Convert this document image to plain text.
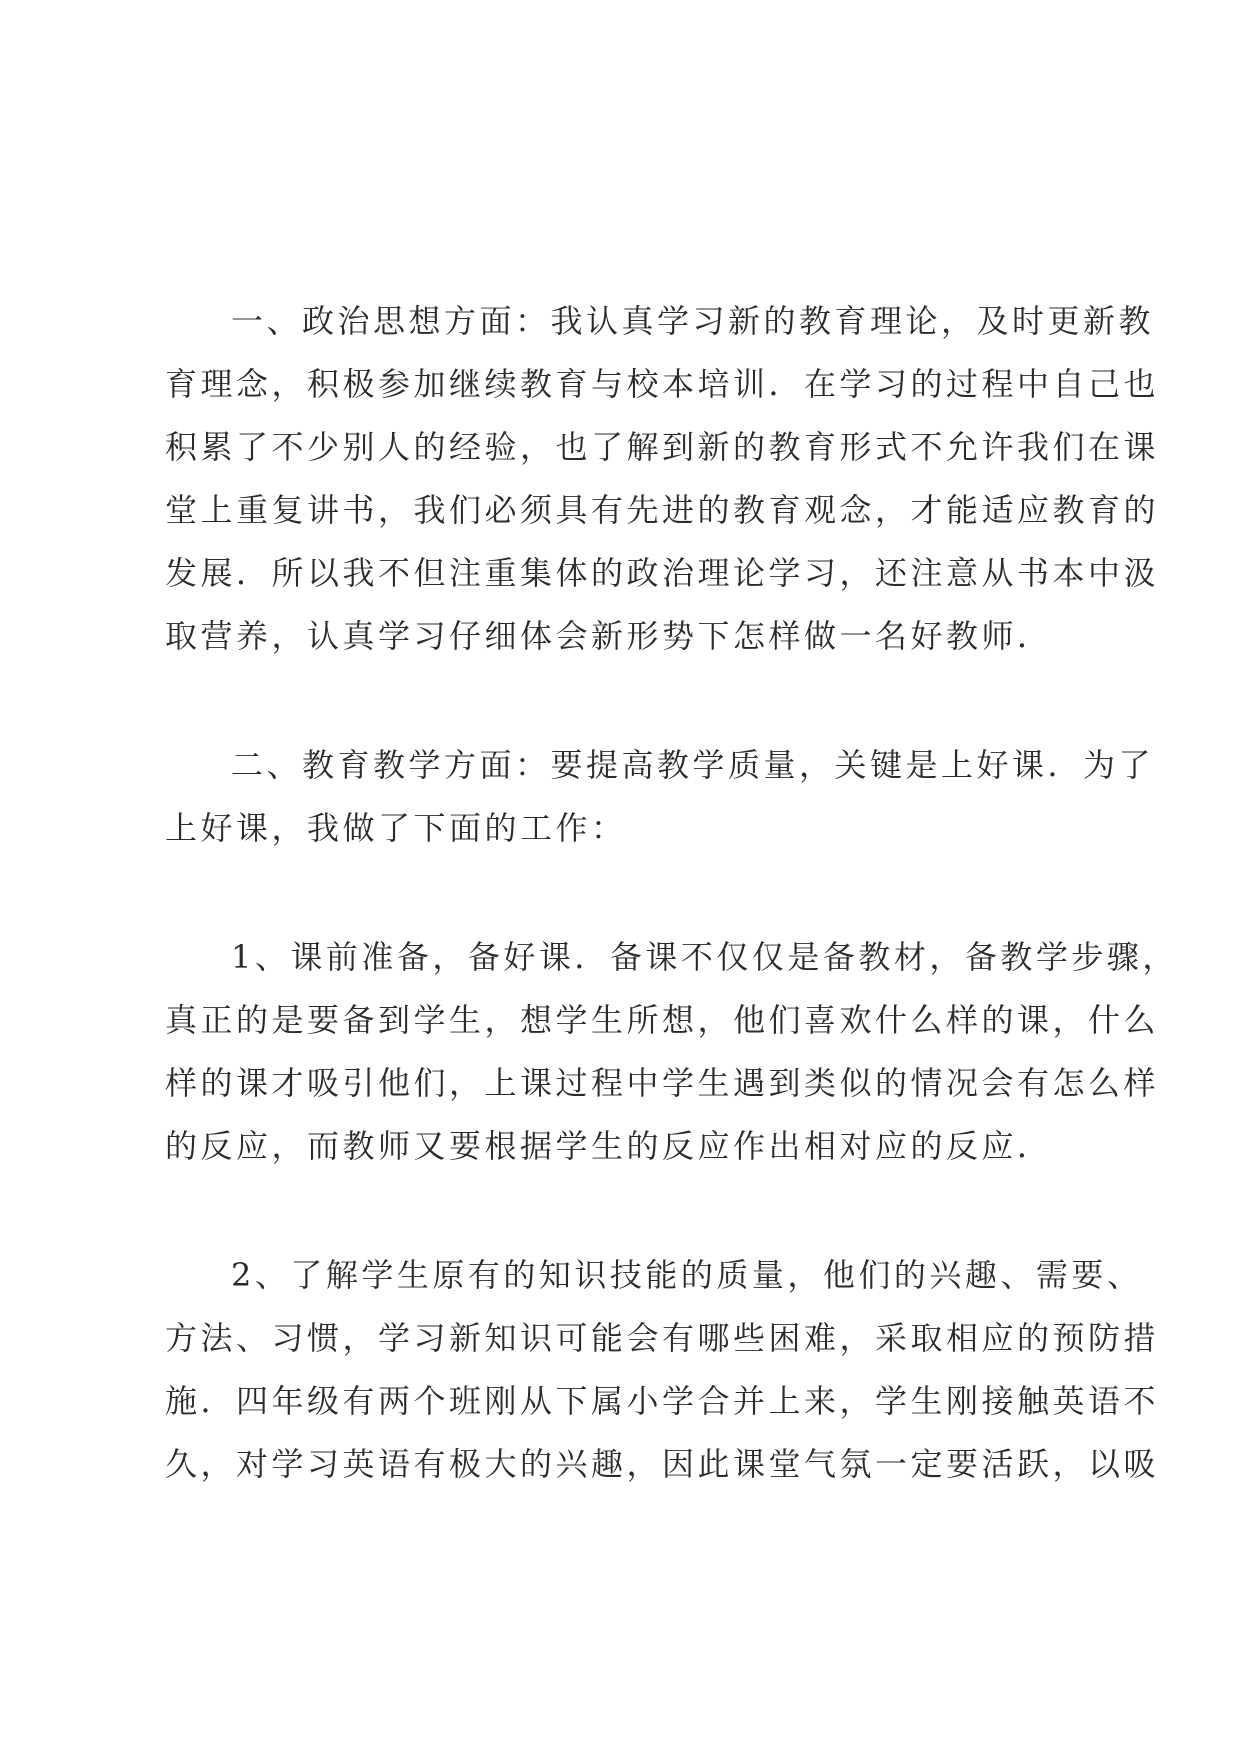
一、政治思想方面：我认真学习新的教育理论，及时更新教
育理念，积极参加继续教育与校本培训．在学习的过程中自己也
积累了不少别人的经验，也了解到新的教育形式不允许我们在课
堂上重复讲书，我们必须具有先进的教育观念，才能适应教育的
发展．所以我不但注重集体的政治理论学习，还注意从书本中汲
取营养，认真学习仔细体会新形势下怎样做一名好教师．
二、教育教学方面：要提高教学质量，关键是上好课．为了
上好课，我做了下面的工作：
1、课前准备，备好课．备课不仅仅是备教材，备教学步骤，
真正的是要备到学生，想学生所想，他们喜欢什么样的课，什么
样的课才吸引他们，上课过程中学生遇到类似的情况会有怎么样
的反应，而教师又要根据学生的反应作出相对应的反应．
2、了解学生原有的知识技能的质量，他们的兴趣、需要、
方法、习惯，学习新知识可能会有哪些困难，采取相应的预防措
施．四年级有两个班刚从下属小学合并上来，学生刚接触英语不
久，对学习英语有极大的兴趣，因此课堂气氛一定要活跃，以吸
